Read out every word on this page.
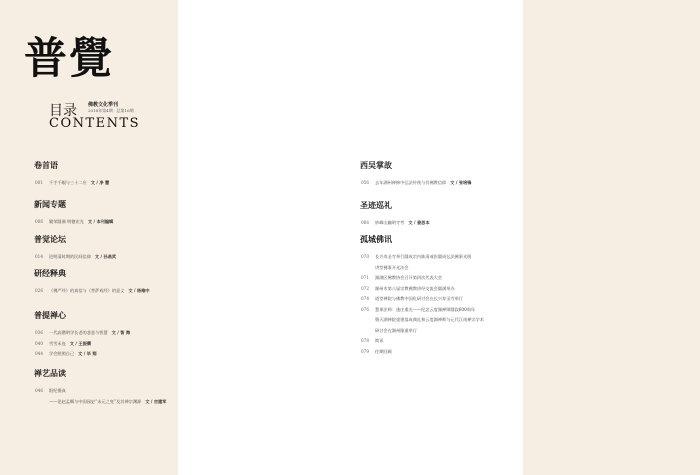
普覺
目录
CONTENTS
佛教文化季刊
2018年第4期 · 总第16期
卷首语
001 千手千眼与三十二应 文 / 净 慧
新闻专题
006 繁荣圆满 明德宏光 文 / 本刊编辑
普觉论坛
014 论明清时期的民间信仰 文 / 孙昌武
研经释典
026 《佛严经》的真信与《菩萨戒经》的意义 文 / 杨维中
普提禅心
036 一代高僧明学长老的悲悲与智慧 文 / 智 海
040 雪雪禾连 文 / 王振儒
044 学会照照自己 文 / 毕 翔
禅艺品读
046 阳纪慢真
——论赵孟頫与中国园史“末元之变”及其禅宗渊源 文 / 吉建军
西吴掌故
056 去年湖州禅修中弘法传统与其佛教信仰 文 / 张培锋
圣迹巡礼
066 妙峰山幽明寺考 文 / 姜思本
孤城佛讯
070 长兴寿圣寺举行圆成宗内陈清戒弥圆成弘法佛事光明
讲堂佛事开光法会
071 湖湖区佛教协会召开第四次代表大会
072 湖州市第八届宗教佛教讲经交流会圆满举办
074 道堂禅院与佛教中国化研讨会在长兴寿圣寺举行
076 慧果法师：逢庄重光——纪念云度湖禅师圆寂600周年
暨天湖禅院重建落成典礼和云度湖禅师与元代江南禅宗学术
研讨会在湖州隆重举行
078 简讯
079 往期回顾
